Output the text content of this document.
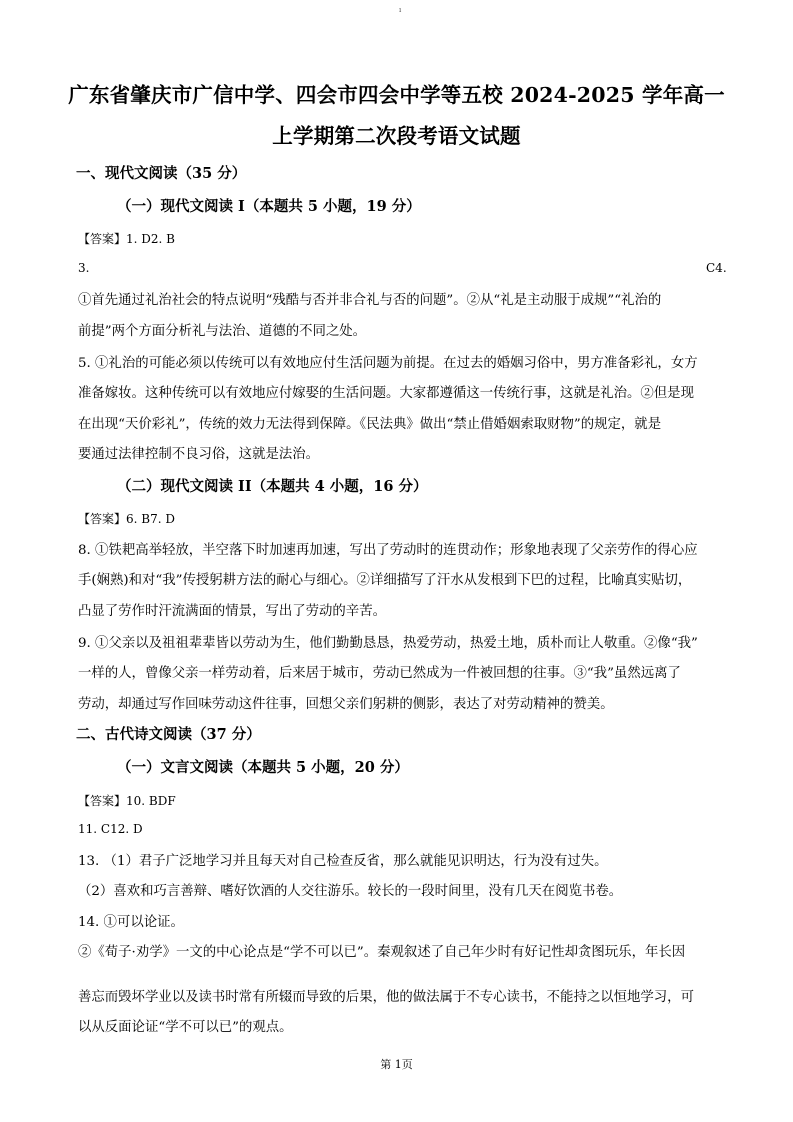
ı
广东省肇庆市广信中学、四会市四会中学等五校 2024-2025 学年高一
上学期第二次段考语文试题
一、现代文阅读（35 分）
（一）现代文阅读 I（本题共 5 小题，19 分）
【答案】1. D2. B
3.	C4.
①首先通过礼治社会的特点说明“残酷与否并非合礼与否的问题”。②从“礼是主动服于成规”“礼治的
前提”两个方面分析礼与法治、道德的不同之处。
5. ①礼治的可能必须以传统可以有效地应付生活问题为前提。在过去的婚姻习俗中，男方准备彩礼，女方
准备嫁妆。这种传统可以有效地应付嫁娶的生活问题。大家都遵循这一传统行事，这就是礼治。②但是现
在出现“天价彩礼”，传统的效力无法得到保障。《民法典》做出“禁止借婚姻索取财物”的规定，就是
要通过法律控制不良习俗，这就是法治。
（二）现代文阅读 II（本题共 4 小题，16 分）
【答案】6. B7. D
8. ①铁耙高举轻放，半空落下时加速再加速，写出了劳动时的连贯动作；形象地表现了父亲劳作的得心应
手(娴熟)和对“我”传授躬耕方法的耐心与细心。②详细描写了汗水从发根到下巴的过程，比喻真实贴切，
凸显了劳作时汗流满面的情景，写出了劳动的辛苦。
9. ①父亲以及祖祖辈辈皆以劳动为生，他们勤勤恳恳，热爱劳动，热爱土地，质朴而让人敬重。②像“我”
一样的人，曾像父亲一样劳动着，后来居于城市，劳动已然成为一件被回想的往事。③“我”虽然远离了
劳动，却通过写作回味劳动这件往事，回想父亲们躬耕的侧影，表达了对劳动精神的赞美。
二、古代诗文阅读（37 分）
（一）文言文阅读（本题共 5 小题，20 分）
【答案】10. BDF
11. C12. D
13. （1）君子广泛地学习并且每天对自己检查反省，那么就能见识明达，行为没有过失。
（2）喜欢和巧言善辩、嗜好饮酒的人交往游乐。较长的一段时间里，没有几天在阅览书卷。
14. ①可以论证。
②《荀子·劝学》一文的中心论点是“学不可以已”。秦观叙述了自己年少时有好记性却贪图玩乐，年长因
善忘而毁坏学业以及读书时常有所辍而导致的后果，他的做法属于不专心读书，不能持之以恒地学习，可
以从反面论证“学不可以已”的观点。
第 1页
